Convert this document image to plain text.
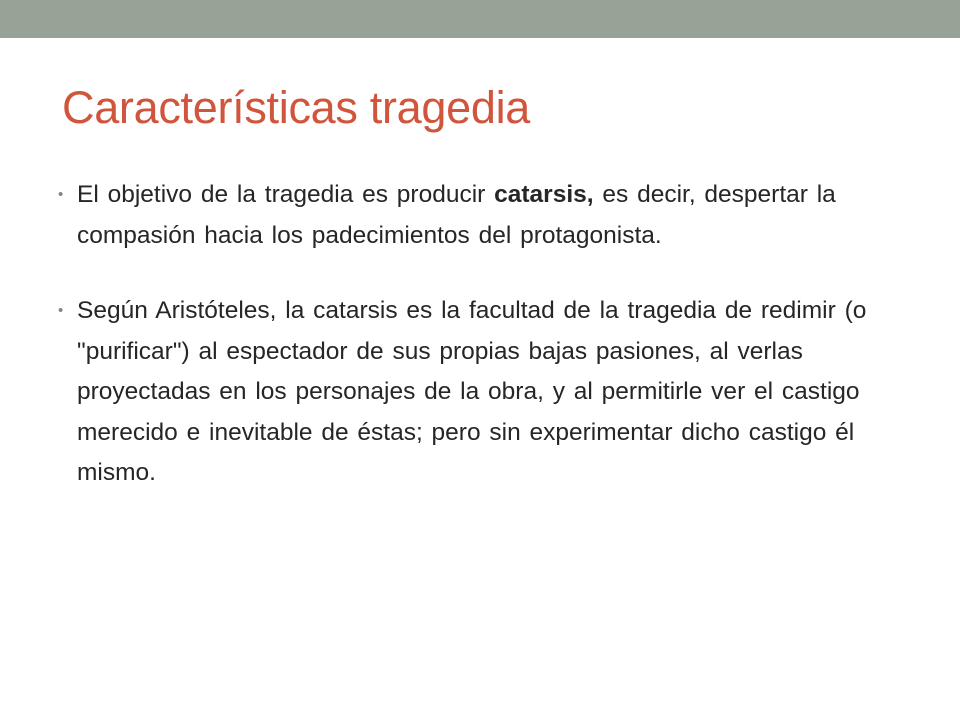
Características tragedia
• El objetivo de la tragedia es producir catarsis, es decir, despertar la compasión hacia los padecimientos del protagonista.
• Según Aristóteles, la catarsis es la facultad de la tragedia de redimir (o "purificar") al espectador de sus propias bajas pasiones, al verlas proyectadas en los personajes de la obra, y al permitirle ver el castigo merecido e inevitable de éstas; pero sin experimentar dicho castigo él mismo.
